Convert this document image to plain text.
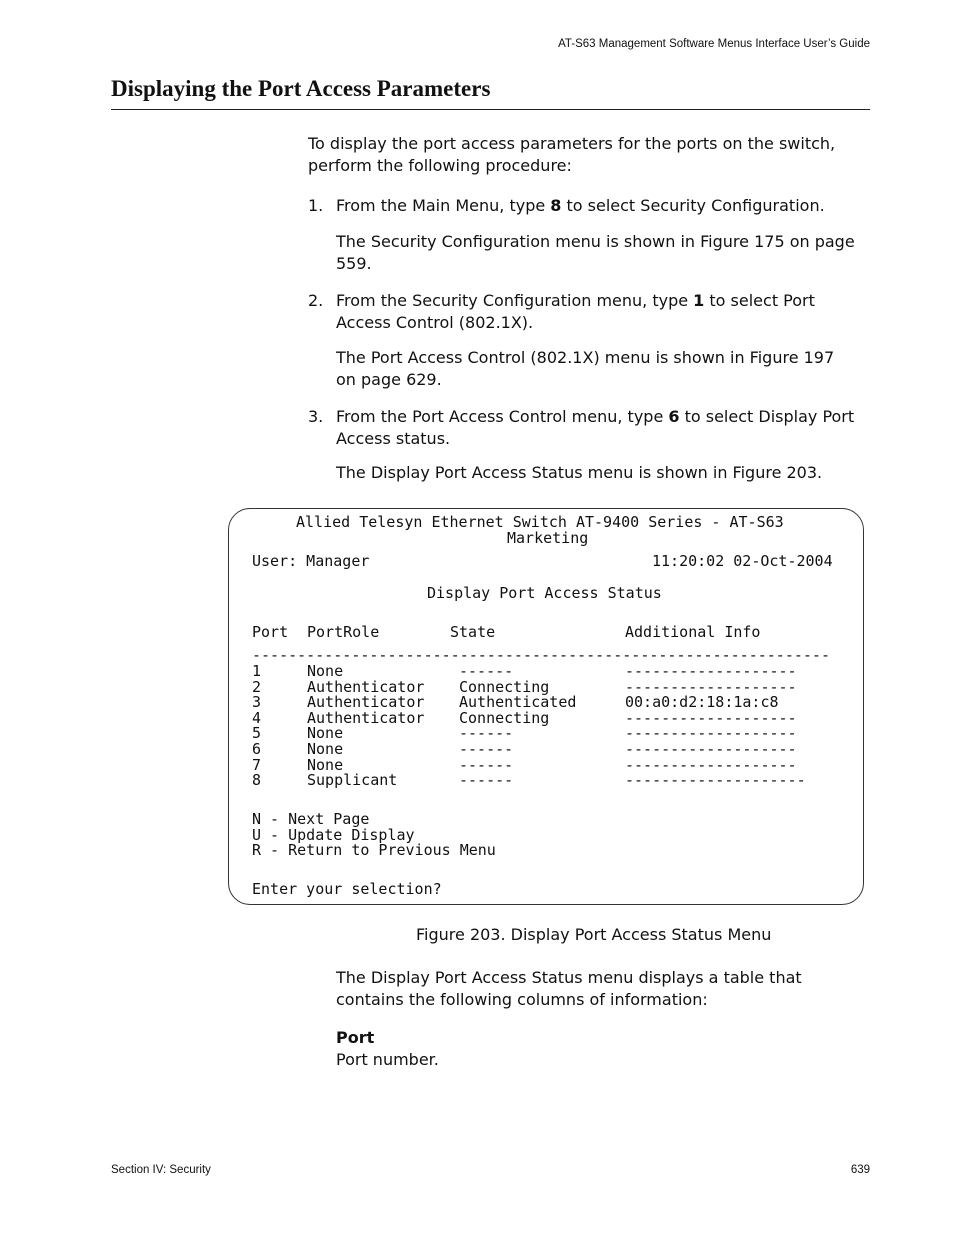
AT-S63 Management Software Menus Interface User’s Guide
Displaying the Port Access Parameters
To display the port access parameters for the ports on the switch, perform the following procedure:
1. From the Main Menu, type 8 to select Security Configuration.
The Security Configuration menu is shown in Figure 175 on page 559.
2. From the Security Configuration menu, type 1 to select Port Access Control (802.1X).
The Port Access Control (802.1X) menu is shown in Figure 197 on page 629.
3. From the Port Access Control menu, type 6 to select Display Port Access status.
The Display Port Access Status menu is shown in Figure 203.
Allied Telesyn Ethernet Switch AT-9400 Series - AT-S63
Marketing
User: Manager	11:20:02 02-Oct-2004
Display Port Access Status
Port PortRole	State	Additional Info
----------------------------------------------------------------
1	None	------	-------------------
2	Authenticator Connecting	-------------------
3	Authenticator Authenticated	00:a0:d2:18:1a:c8
4	Authenticator Connecting	-------------------
5	None	------	-------------------
6	None	------	-------------------
7	None	------	-------------------
8	Supplicant	------	--------------------
N - Next Page
U - Update Display
R - Return to Previous Menu
Enter your selection?
Figure 203. Display Port Access Status Menu
The Display Port Access Status menu displays a table that contains the following columns of information:
Port
Port number.
Section IV: Security	639
